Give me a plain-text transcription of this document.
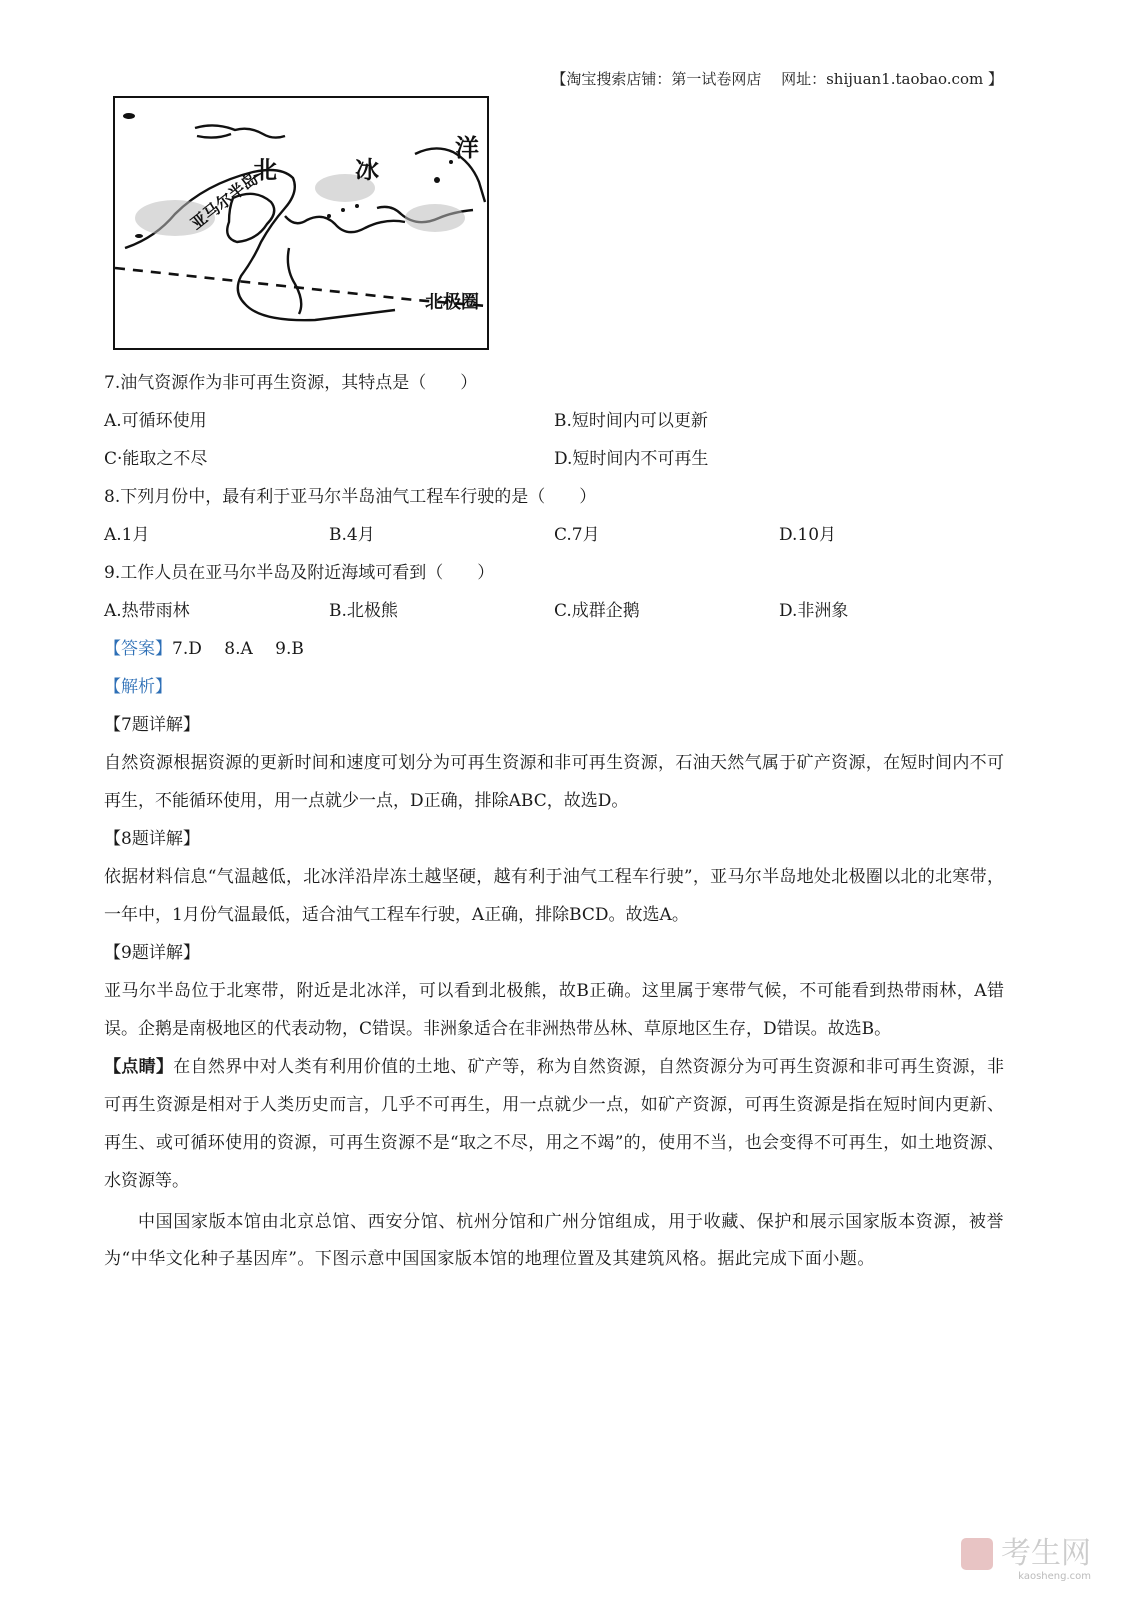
【淘宝搜索店铺：第一试卷网店　 网址：shijuan1.taobao.com 】
北	冰
洋
亚马尔半岛
北极圈
7.油气资源作为非可再生资源，其特点是（　　）
A.可循环使用	B.短时间内可以更新
C·能取之不尽	D.短时间内不可再生
8.下列月份中，最有利于亚马尔半岛油气工程车行驶的是（　　）
A.1月	B.4月	C.7月	D.10月
9.工作人员在亚马尔半岛及附近海域可看到（　　）
A.热带雨林	B.北极熊	C.成群企鹅	D.非洲象
【答案】7.D　 8.A　 9.B
【解析】
【7题详解】
自然资源根据资源的更新时间和速度可划分为可再生资源和非可再生资源，石油天然气属于矿产资源，在短时间内不可再生，不能循环使用，用一点就少一点，D正确，排除ABC，故选D。
【8题详解】
依据材料信息“气温越低，北冰洋沿岸冻土越坚硬，越有利于油气工程车行驶”，亚马尔半岛地处北极圈以北的北寒带，一年中，1月份气温最低，适合油气工程车行驶，A正确，排除BCD。故选A。
【9题详解】
亚马尔半岛位于北寒带，附近是北冰洋，可以看到北极熊，故B正确。这里属于寒带气候，不可能看到热带雨林，A错误。企鹅是南极地区的代表动物，C错误。非洲象适合在非洲热带丛林、草原地区生存，D错误。故选B。
【点睛】在自然界中对人类有利用价值的土地、矿产等，称为自然资源，自然资源分为可再生资源和非可再生资源，非可再生资源是相对于人类历史而言，几乎不可再生，用一点就少一点，如矿产资源，可再生资源是指在短时间内更新、再生、或可循环使用的资源，可再生资源不是“取之不尽，用之不竭”的，使用不当，也会变得不可再生，如土地资源、水资源等。
中国国家版本馆由北京总馆、西安分馆、杭州分馆和广州分馆组成，用于收藏、保护和展示国家版本资源，被誉为“中华文化种子基因库”。下图示意中国国家版本馆的地理位置及其建筑风格。据此完成下面小题。
考生网
kaosheng.com
